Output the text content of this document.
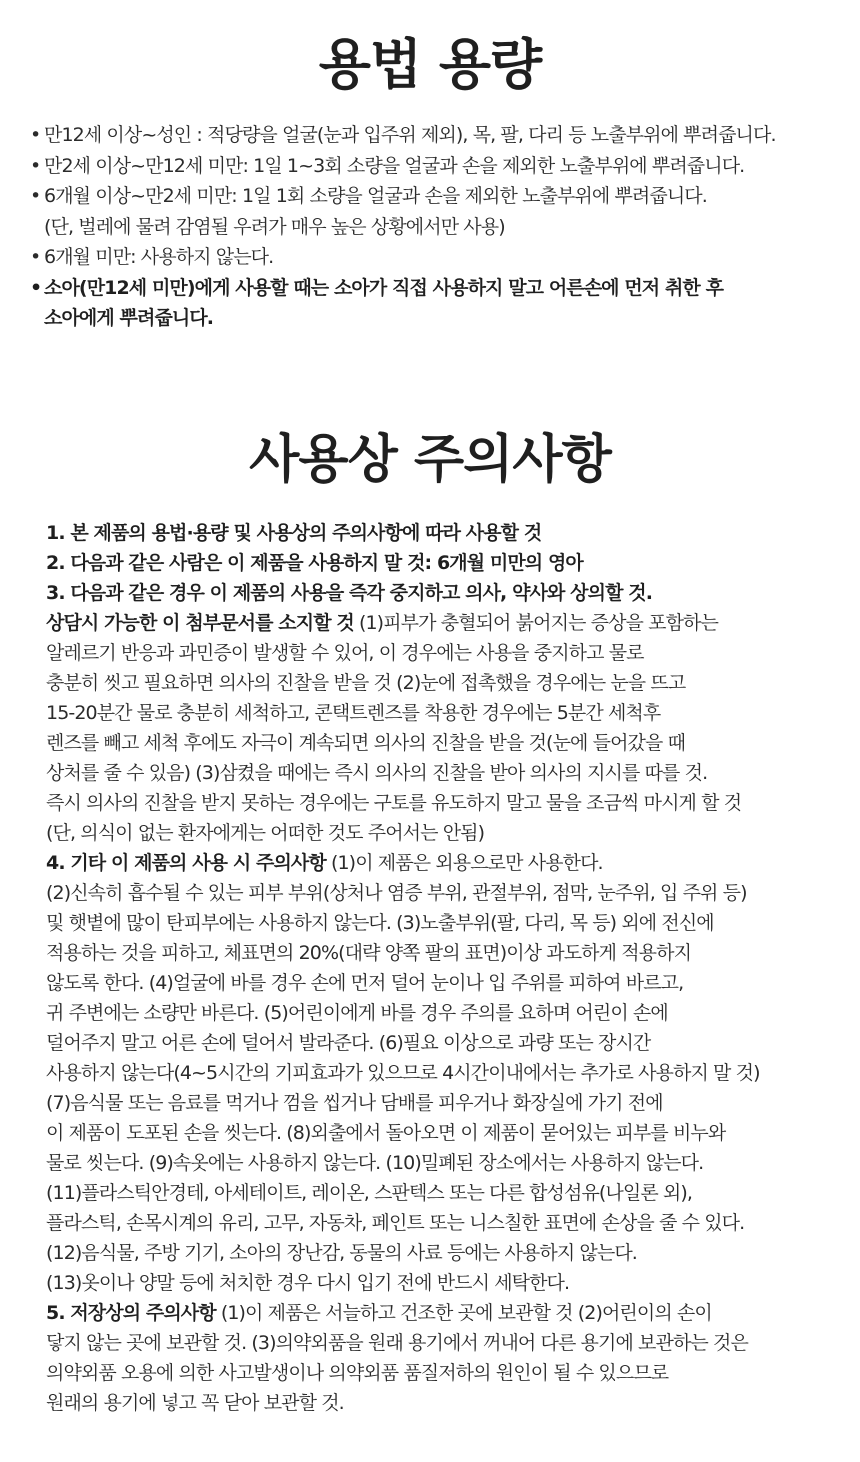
용법 용량
• 만12세 이상~성인 : 적당량을 얼굴(눈과 입주위 제외), 목, 팔, 다리 등 노출부위에 뿌려줍니다.
• 만2세 이상~만12세 미만: 1일 1~3회 소량을 얼굴과 손을 제외한 노출부위에 뿌려줍니다.
• 6개월 이상~만2세 미만: 1일 1회 소량을 얼굴과 손을 제외한 노출부위에 뿌려줍니다.
(단, 벌레에 물려 감염될 우려가 매우 높은 상황에서만 사용)
• 6개월 미만: 사용하지 않는다.
• 소아(만12세 미만)에게 사용할 때는 소아가 직접 사용하지 말고 어른손에 먼저 취한 후
소아에게 뿌려줍니다.
사용상 주의사항
1. 본 제품의 용법·용량 및 사용상의 주의사항에 따라 사용할 것
2. 다음과 같은 사람은 이 제품을 사용하지 말 것: 6개월 미만의 영아
3. 다음과 같은 경우 이 제품의 사용을 즉각 중지하고 의사, 약사와 상의할 것.
상담시 가능한 이 첨부문서를 소지할 것 (1)피부가 충혈되어 붉어지는 증상을 포함하는
알레르기 반응과 과민증이 발생할 수 있어, 이 경우에는 사용을 중지하고 물로
충분히 씻고 필요하면 의사의 진찰을 받을 것 (2)눈에 접촉했을 경우에는 눈을 뜨고
15-20분간 물로 충분히 세척하고, 콘택트렌즈를 착용한 경우에는 5분간 세척후
렌즈를 빼고 세척 후에도 자극이 계속되면 의사의 진찰을 받을 것(눈에 들어갔을 때
상처를 줄 수 있음) (3)삼켰을 때에는 즉시 의사의 진찰을 받아 의사의 지시를 따를 것.
즉시 의사의 진찰을 받지 못하는 경우에는 구토를 유도하지 말고 물을 조금씩 마시게 할 것
(단, 의식이 없는 환자에게는 어떠한 것도 주어서는 안됨)
4. 기타 이 제품의 사용 시 주의사항 (1)이 제품은 외용으로만 사용한다.
(2)신속히 흡수될 수 있는 피부 부위(상처나 염증 부위, 관절부위, 점막, 눈주위, 입 주위 등)
및 햇볕에 많이 탄피부에는 사용하지 않는다. (3)노출부위(팔, 다리, 목 등) 외에 전신에
적용하는 것을 피하고, 체표면의 20%(대략 양쪽 팔의 표면)이상 과도하게 적용하지
않도록 한다. (4)얼굴에 바를 경우 손에 먼저 덜어 눈이나 입 주위를 피하여 바르고,
귀 주변에는 소량만 바른다. (5)어린이에게 바를 경우 주의를 요하며 어린이 손에
덜어주지 말고 어른 손에 덜어서 발라준다. (6)필요 이상으로 과량 또는 장시간
사용하지 않는다(4~5시간의 기피효과가 있으므로 4시간이내에서는 추가로 사용하지 말 것)
(7)음식물 또는 음료를 먹거나 껌을 씹거나 담배를 피우거나 화장실에 가기 전에
이 제품이 도포된 손을 씻는다. (8)외출에서 돌아오면 이 제품이 묻어있는 피부를 비누와
물로 씻는다. (9)속옷에는 사용하지 않는다. (10)밀폐된 장소에서는 사용하지 않는다.
(11)플라스틱안경테, 아세테이트, 레이온, 스판텍스 또는 다른 합성섬유(나일론 외),
플라스틱, 손목시계의 유리, 고무, 자동차, 페인트 또는 니스칠한 표면에 손상을 줄 수 있다.
(12)음식물, 주방 기기, 소아의 장난감, 동물의 사료 등에는 사용하지 않는다.
(13)옷이나 양말 등에 처치한 경우 다시 입기 전에 반드시 세탁한다.
5. 저장상의 주의사항 (1)이 제품은 서늘하고 건조한 곳에 보관할 것 (2)어린이의 손이
닿지 않는 곳에 보관할 것. (3)의약외품을 원래 용기에서 꺼내어 다른 용기에 보관하는 것은
의약외품 오용에 의한 사고발생이나 의약외품 품질저하의 원인이 될 수 있으므로
원래의 용기에 넣고 꼭 닫아 보관할 것.
